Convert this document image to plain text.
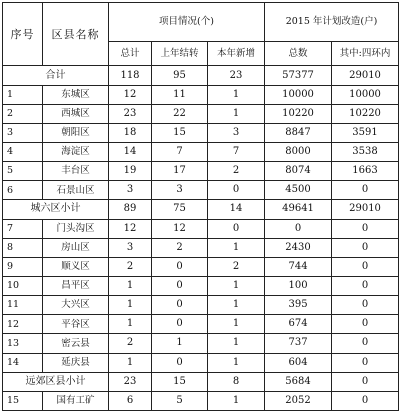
序号	区县名称	项目情况(个)			2015 年计划改造(户)	
		总计	上年结转	本年新增	总数	其中:四环内
合计		118	95	23	57377	29010
1	东城区	12	11	1	10000	10000
2	西城区	23	22	1	10220	10220
3	朝阳区	18	15	3	8847	3591
4	海淀区	14	7	7	8000	3538
5	丰台区	19	17	2	8074	1663
6	石景山区	3	3	0	4500	0
城六区小计		89	75	14	49641	29010
7	门头沟区	12	12	0	0	0
8	房山区	3	2	1	2430	0
9	顺义区	2	0	2	744	0
10	昌平区	1	0	1	100	0
11	大兴区	1	0	1	395	0
12	平谷区	1	0	1	674	0
13	密云县	2	1	1	737	0
14	延庆县	1	0	1	604	0
远郊区县小计		23	15	8	5684	0
15	国有工矿	6	5	1	2052	0
